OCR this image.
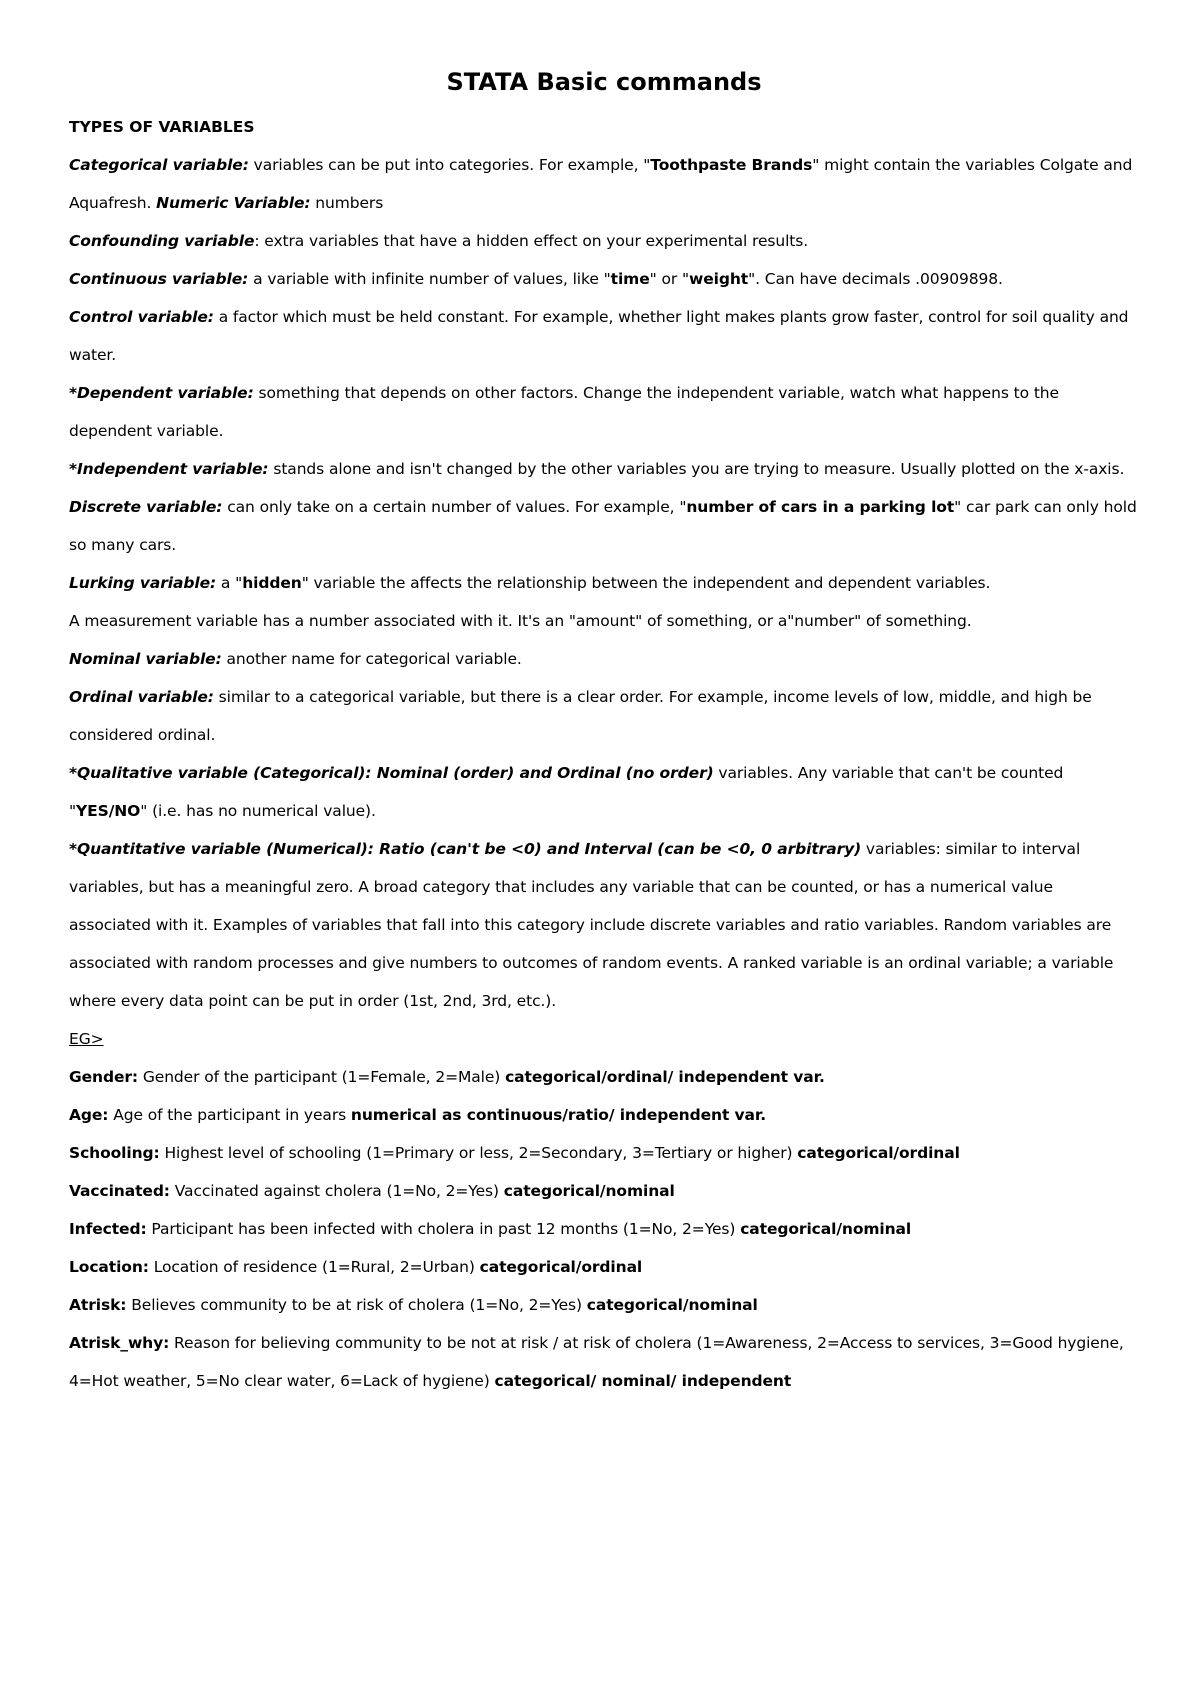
STATA Basic commands
TYPES OF VARIABLES
Categorical variable: variables can be put into categories. For example, "Toothpaste Brands" might contain the variables Colgate and Aquafresh. Numeric Variable: numbers
Confounding variable: extra variables that have a hidden effect on your experimental results.
Continuous variable: a variable with infinite number of values, like "time" or "weight". Can have decimals .00909898.
Control variable: a factor which must be held constant. For example, whether light makes plants grow faster, control for soil quality and water.
*Dependent variable: something that depends on other factors. Change the independent variable, watch what happens to the dependent variable.
*Independent variable: stands alone and isn't changed by the other variables you are trying to measure. Usually plotted on the x-axis.
Discrete variable: can only take on a certain number of values. For example, "number of cars in a parking lot" car park can only hold so many cars.
Lurking variable: a "hidden" variable the affects the relationship between the independent and dependent variables.
A measurement variable has a number associated with it. It's an "amount" of something, or a"number" of something.
Nominal variable: another name for categorical variable.
Ordinal variable: similar to a categorical variable, but there is a clear order. For example, income levels of low, middle, and high be considered ordinal.
*Qualitative variable (Categorical): Nominal (order) and Ordinal (no order) variables. Any variable that can't be counted "YES/NO" (i.e. has no numerical value).
*Quantitative variable (Numerical): Ratio (can't be <0) and Interval (can be <0, 0 arbitrary) variables: similar to interval variables, but has a meaningful zero. A broad category that includes any variable that can be counted, or has a numerical value associated with it. Examples of variables that fall into this category include discrete variables and ratio variables. Random variables are associated with random processes and give numbers to outcomes of random events. A ranked variable is an ordinal variable; a variable where every data point can be put in order (1st, 2nd, 3rd, etc.).
EG>
Gender: Gender of the participant (1=Female, 2=Male) categorical/ordinal/ independent var.
Age: Age of the participant in years numerical as continuous/ratio/ independent var.
Schooling: Highest level of schooling (1=Primary or less, 2=Secondary, 3=Tertiary or higher) categorical/ordinal
Vaccinated: Vaccinated against cholera (1=No, 2=Yes) categorical/nominal
Infected: Participant has been infected with cholera in past 12 months (1=No, 2=Yes) categorical/nominal
Location: Location of residence (1=Rural, 2=Urban) categorical/ordinal
Atrisk: Believes community to be at risk of cholera (1=No, 2=Yes) categorical/nominal
Atrisk_why: Reason for believing community to be not at risk / at risk of cholera (1=Awareness, 2=Access to services, 3=Good hygiene, 4=Hot weather, 5=No clear water, 6=Lack of hygiene) categorical/ nominal/ independent
